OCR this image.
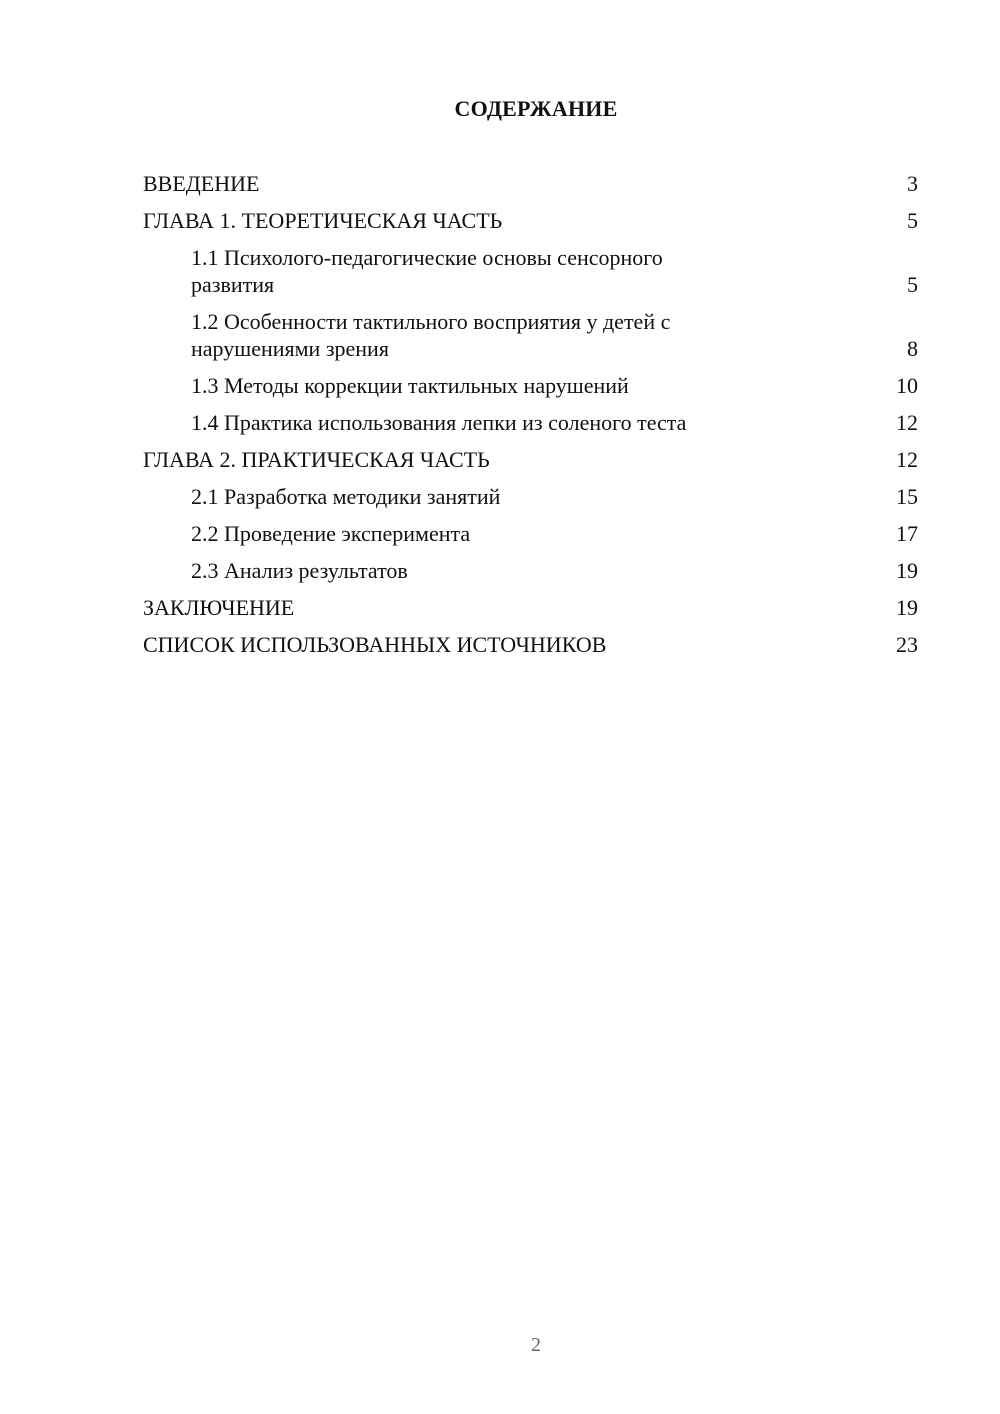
СОДЕРЖАНИЕ
ВВЕДЕНИЕ	3
ГЛАВА 1. ТЕОРЕТИЧЕСКАЯ ЧАСТЬ	5
1.1 Психолого-педагогические основы сенсорного развития	5
1.2 Особенности тактильного восприятия у детей с нарушениями зрения	8
1.3 Методы коррекции тактильных нарушений	10
1.4 Практика использования лепки из соленого теста	12
ГЛАВА 2. ПРАКТИЧЕСКАЯ ЧАСТЬ	12
2.1 Разработка методики занятий	15
2.2 Проведение эксперимента	17
2.3 Анализ результатов	19
ЗАКЛЮЧЕНИЕ	19
СПИСОК ИСПОЛЬЗОВАННЫХ ИСТОЧНИКОВ	23
2
